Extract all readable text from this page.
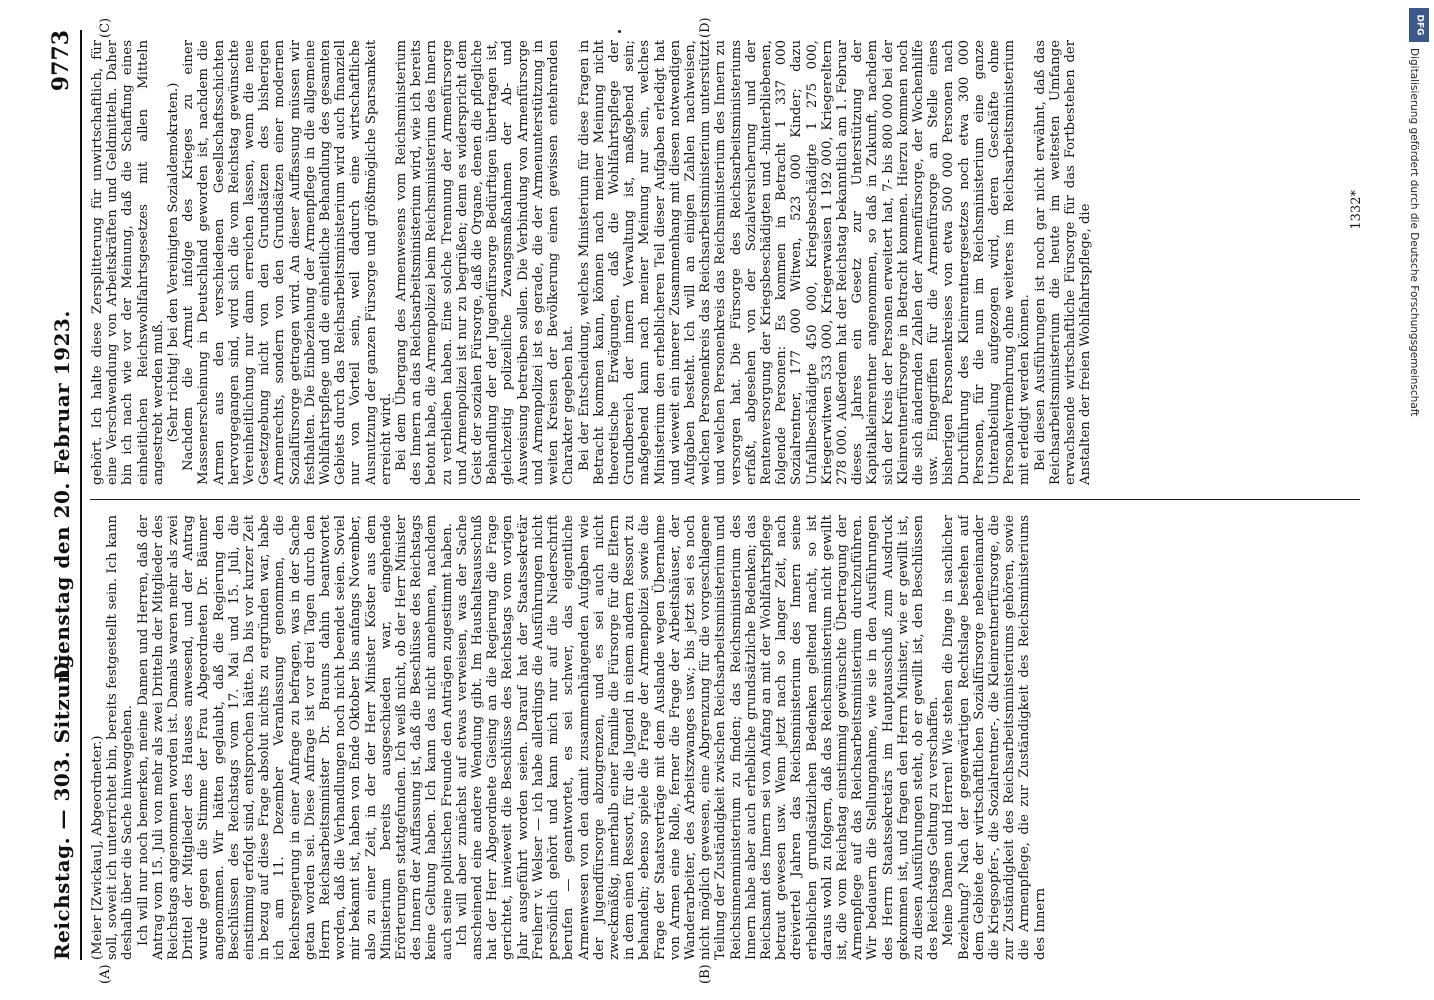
Reichstag. — 303. Sitzung.
Dienstag den 20. Februar 1923.
9773
(A)	(B)
(C)	(D)

(Meier [Zwickau], Abgeordneter.) soll, soweit ich unterrichtet bin, bereits festgestellt sein. Ich kann deshalb über die Sache hinweggehen. Ich will nur noch bemerken, meine Damen und Herren, daß der Antrag vom 15. Juli von mehr als zwei Dritteln der Mitglieder des Reichstags angenommen worden ist. Damals waren mehr als zwei Drittel der Mitglieder des Hauses anwesend, und der Antrag wurde gegen die Stimme der Frau Abgeordneten Dr. Bäumer angenommen. Wir hätten geglaubt, daß die Regierung den Beschlüssen des Reichstags vom 17. Mai und 15. Juli, die einstimmig erfolgt sind, entsprochen hätte. Da bis vor kurzer Zeit in bezug auf diese Frage absolut nichts zu ergründen war, habe ich am 11. Dezember Veranlassung genommen, die Reichsregierung in einer Anfrage zu befragen, was in der Sache getan worden sei. Diese Anfrage ist vor drei Tagen durch den Herrn Reichsarbeitsminister Dr. Brauns dahin beantwortet worden, daß die Verhandlungen noch nicht beendet seien. Soviel mir bekannt ist, haben von Ende Oktober bis anfangs November, also zu einer Zeit, in der der Herr Minister Köster aus dem Ministerium bereits ausgeschieden war, eingehende Erörterungen stattgefunden. Ich weiß nicht, ob der Herr Minister des Innern der Auffassung ist, daß die Beschlüsse des Reichstags keine Geltung haben. Ich kann das nicht annehmen, nachdem auch seine politischen Freunde den Anträgen zugestimmt haben. Ich will aber zunächst auf etwas verweisen, was der Sache anscheinend eine andere Wendung gibt. Im Haushaltsausschuß hat der Herr Abgeordnete Giesing an die Regierung die Frage gerichtet, inwieweit die Beschlüsse des Reichstags vom vorigen Jahr ausgeführt worden seien. Darauf hat der Staatssekretär Freiherr v. Welser — ich habe allerdings die Ausführungen nicht persönlich gehört und kann mich nur auf die Niederschrift berufen — geantwortet, es sei schwer, das eigentliche Armenwesen von den damit zusammenhängenden Aufgaben wie der Jugendfürsorge abzugrenzen, und es sei auch nicht zweckmäßig, innerhalb einer Familie die Fürsorge für die Eltern in dem einen Ressort, für die Jugend in einem andern Ressort zu behandeln; ebenso spiele die Frage der Armenpolizei sowie die Frage der Staatsverträge mit dem Auslande wegen Übernahme von Armen eine Rolle, ferner die Frage der Arbeitshäuser, der Wanderarbeiter, des Arbeitszwanges usw.; bis jetzt sei es noch nicht möglich gewesen, eine Abgrenzung für die vorgeschlagene Teilung der Zuständigkeit zwischen Reichsarbeitsministerium und Reichsinnenministerium zu finden; das Reichsministerium des Innern habe aber auch erhebliche grundsätzliche Bedenken; das Reichsamt des Innern sei von Anfang an mit der Wohlfahrtspflege betraut gewesen usw. Wenn jetzt nach so langer Zeit, nach dreiviertel Jahren das Reichsministerium des Innern seine erheblichen grundsätzlichen Bedenken geltend macht, so ist daraus wohl zu folgern, daß das Reichsministerium nicht gewillt ist, die vom Reichstag einstimmig gewünschte Übertragung der Armenpflege auf das Reichsarbeitsministerium durchzuführen. Wir bedauern die Stellungnahme, wie sie in den Ausführungen des Herrn Staatssekretärs im Hauptausschuß zum Ausdruck gekommen ist, und fragen den Herrn Minister, wie er gewillt ist, zu diesen Ausführungen steht, ob er gewillt ist, den Beschlüssen des Reichstags Geltung zu verschaffen. Meine Damen und Herren! Wie stehen die Dinge in sachlicher Beziehung? Nach der gegenwärtigen Rechtslage bestehen auf dem Gebiete der wirtschaftlichen Sozialfürsorge nebeneinander die Kriegsopfer-, die Sozialrentner-, die Kleinrentnerfürsorge, die zur Zuständigkeit des Reichsarbeitsministeriums gehören, sowie die Armenpflege, die zur Zuständigkeit des Reichsministeriums des Innern

gehört. Ich halte diese Zersplitterung für unwirtschaftlich, für eine Verschwendung von Arbeitskräften und Geldmitteln. Daher bin ich nach wie vor der Meinung, daß die Schaffung eines einheitlichen Reichswohlfahrtsgesetzes mit allen Mitteln angestrebt werden muß. (Sehr richtig! bei den Vereinigten Sozialdemokraten.) Nachdem die Armut infolge des Krieges zu einer Massenerscheinung in Deutschland geworden ist, nachdem die Armen aus den verschiedenen Gesellschaftsschichten hervorgegangen sind, wird sich die vom Reichstag gewünschte Vereinheitlichung nur dann erreichen lassen, wenn die neue Gesetzgebung nicht von den Grundsätzen des bisherigen Armenrechts, sondern von den Grundsätzen einer modernen Sozialfürsorge getragen wird. An dieser Auffassung müssen wir festhalten. Die Einbeziehung der Armenpflege in die allgemeine Wohlfahrtspflege und die einheitliche Behandlung des gesamten Gebiets durch das Reichsarbeitsministerium wird auch finanziell nur von Vorteil sein, weil dadurch eine wirtschaftliche Ausnutzung der ganzen Fürsorge und größtmögliche Sparsamkeit erreicht wird. Bei dem Übergang des Armenwesens vom Reichsministerium des Innern an das Reichsarbeitsministerium wird, wie ich bereits betont habe, die Armenpolizei beim Reichsministerium des Innern zu verbleiben haben. Eine solche Trennung der Armenfürsorge und Armenpolizei ist nur zu begrüßen; denn es widerspricht dem Geist der sozialen Fürsorge, daß die Organe, denen die pflegliche Behandlung der der Jugendfürsorge Bedürftigen übertragen ist, gleichzeitig polizeiliche Zwangsmaßnahmen der Ab- und Ausweisung betreiben sollen. Die Verbindung von Armenfürsorge und Armenpolizei ist es gerade, die der Armenunterstützung in weiten Kreisen der Bevölkerung einen gewissen entehrenden Charakter gegeben hat. Bei der Entscheidung, welches Ministerium für diese Fragen in Betracht kommen kann, können nach meiner Meinung nicht theoretische Erwägungen, daß die Wohlfahrtspflege der Grundbereich der innern Verwaltung ist, maßgebend sein; maßgebend kann nach meiner Meinung nur sein, welches Ministerium den erheblicheren Teil dieser Aufgaben erledigt hat und wieweit ein innerer Zusammenhang mit diesen notwendigen Aufgaben besteht. Ich will an einigen Zahlen nachweisen, welchen Personenkreis das Reichsarbeitsministerium unterstützt und welchen Personenkreis das Reichsministerium des Innern zu versorgen hat. Die Fürsorge des Reichsarbeitsministeriums erfaßt, abgesehen von der Sozialversicherung und der Rentenversorgung der Kriegsbeschädigten und -hinterbliebenen, folgende Personen: Es kommen in Betracht 1 337 000 Sozialrentner, 177 000 Witwen, 523 000 Kinder; dazu Unfallbeschädigte 450 000, Kriegsbeschädigte 1 275 000, Kriegerwitwen 533 000, Kriegerwaisen 1 192 000, Kriegereltern 278 000. Außerdem hat der Reichstag bekanntlich am 1. Februar dieses Jahres ein Gesetz zur Unterstützung der Kapitalkleinrentner angenommen, so daß in Zukunft, nachdem sich der Kreis der Personen erweitert hat, 7- bis 800 000 bei der Kleinrentnerfürsorge in Betracht kommen. Hierzu kommen noch die sich ändernden Zahlen der Armenfürsorge, der Wochenhilfe usw. Eingegriffen für die Armenfürsorge an Stelle eines bisherigen Personenkreises von etwa 500 000 Personen nach Durchführung des Kleinrentnergesetzes noch etwa 300 000 Personen, für die nun im Reichsministerium eine ganze Unterabteilung aufgezogen wird, deren Geschäfte ohne Personalvermehrung ohne weiteres im Reichsarbeitsministerium mit erledigt werden können. Bei diesen Ausführungen ist noch gar nicht erwähnt, daß das Reichsarbeitsministerium die heute im weitesten Umfange erwachsende wirtschaftliche Fürsorge für das Fortbestehen der Anstalten der freien Wohlfahrtspflege, die	1332*
DFG
Digitalisierung gefördert durch die Deutsche Forschungsgemeinschaft
